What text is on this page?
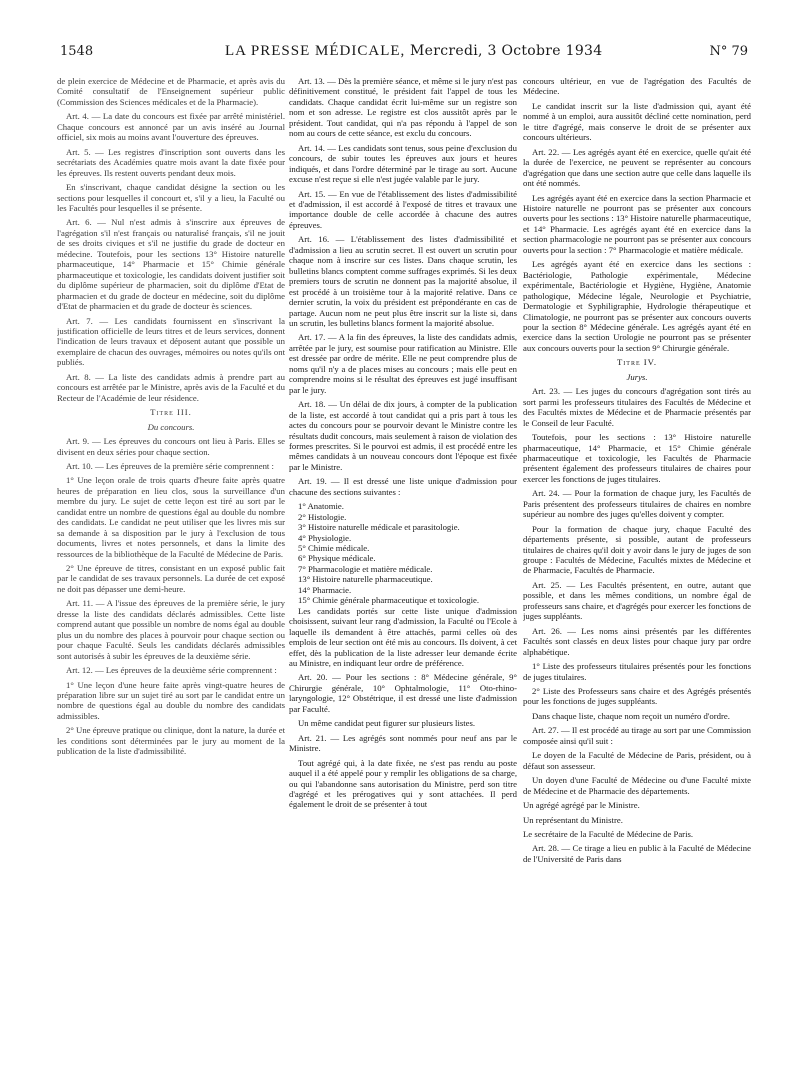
1548	LA PRESSE MÉDICALE, Mercredi, 3 Octobre 1934	N° 79

de plein exercice de Médecine et de Pharmacie, et après avis du Comité consultatif de l'Enseignement supérieur public (Commission des Sciences médicales et de la Pharmacie).

Art. 4. — La date du concours est fixée par arrêté ministériel. Chaque concours est annoncé par un avis inséré au Journal officiel, six mois au moins avant l'ouverture des épreuves.

Art. 5. — Les registres d'inscription sont ouverts dans les secrétariats des Académies quatre mois avant la date fixée pour les épreuves. Ils restent ouverts pendant deux mois.

En s'inscrivant, chaque candidat désigne la section ou les sections pour lesquelles il concourt et, s'il y a lieu, la Faculté ou les Facultés pour lesquelles il se présente.

Art. 6. — Nul n'est admis à s'inscrire aux épreuves de l'agrégation s'il n'est français ou naturalisé français, s'il ne jouit de ses droits civiques et s'il ne justifie du grade de docteur en médecine. Toutefois, pour les sections 13° Histoire naturelle pharmaceutique, 14° Pharmacie et 15° Chimie générale pharmaceutique et toxicologie, les candidats doivent justifier soit du diplôme supérieur de pharmacien, soit du diplôme d'Etat de pharmacien et du grade de docteur en médecine, soit du diplôme d'Etat de pharmacien et du grade de docteur ès sciences.

Art. 7. — Les candidats fournissent en s'inscrivant la justification officielle de leurs titres et de leurs services, donnent l'indication de leurs travaux et déposent autant que possible un exemplaire de chacun des ouvrages, mémoires ou notes qu'ils ont publiés.

Art. 8. — La liste des candidats admis à prendre part au concours est arrêtée par le Ministre, après avis de la Faculté et du Recteur de l'Académie de leur résidence.

Titre III.

Du concours.

Art. 9. — Les épreuves du concours ont lieu à Paris. Elles se divisent en deux séries pour chaque section.

Art. 10. — Les épreuves de la première série comprennent :

1° Une leçon orale de trois quarts d'heure faite après quatre heures de préparation en lieu clos, sous la surveillance d'un membre du jury. Le sujet de cette leçon est tiré au sort par le candidat entre un nombre de questions égal au double du nombre des candidats. Le candidat ne peut utiliser que les livres mis sur sa demande à sa disposition par le jury à l'exclusion de tous documents, livres et notes personnels, et dans la limite des ressources de la bibliothèque de la Faculté de Médecine de Paris.

2° Une épreuve de titres, consistant en un exposé public fait par le candidat de ses travaux personnels. La durée de cet exposé ne doit pas dépasser une demi-heure.

Art. 11. — A l'issue des épreuves de la première série, le jury dresse la liste des candidats déclarés admissibles. Cette liste comprend autant que possible un nombre de noms égal au double plus un du nombre des places à pourvoir pour chaque section ou pour chaque Faculté. Seuls les candidats déclarés admissibles sont autorisés à subir les épreuves de la deuxième série.

Art. 12. — Les épreuves de la deuxième série comprennent :

1° Une leçon d'une heure faite après vingt-quatre heures de préparation libre sur un sujet tiré au sort par le candidat entre un nombre de questions égal au double du nombre des candidats admissibles.

2° Une épreuve pratique ou clinique, dont la nature, la durée et les conditions sont déterminées par le jury au moment de la publication de la liste d'admissibilité.

Art. 13. — Dès la première séance, et même si le jury n'est pas définitivement constitué, le président fait l'appel de tous les candidats. Chaque candidat écrit lui-même sur un registre son nom et son adresse. Le registre est clos aussitôt après par le président. Tout candidat, qui n'a pas répondu à l'appel de son nom au cours de cette séance, est exclu du concours.

Art. 14. — Les candidats sont tenus, sous peine d'exclusion du concours, de subir toutes les épreuves aux jours et heures indiqués, et dans l'ordre déterminé par le tirage au sort. Aucune excuse n'est reçue si elle n'est jugée valable par le jury.

Art. 15. — En vue de l'établissement des listes d'admissibilité et d'admission, il est accordé à l'exposé de titres et travaux une importance double de celle accordée à chacune des autres épreuves.

Art. 16. — L'établissement des listes d'admissibilité et d'admission a lieu au scrutin secret. Il est ouvert un scrutin pour chaque nom à inscrire sur ces listes. Dans chaque scrutin, les bulletins blancs comptent comme suffrages exprimés. Si les deux premiers tours de scrutin ne donnent pas la majorité absolue, il est procédé à un troisième tour à la majorité relative. Dans ce dernier scrutin, la voix du président est prépondérante en cas de partage. Aucun nom ne peut plus être inscrit sur la liste si, dans un scrutin, les bulletins blancs forment la majorité absolue.

Art. 17. — A la fin des épreuves, la liste des candidats admis, arrêtée par le jury, est soumise pour ratification au Ministre. Elle est dressée par ordre de mérite. Elle ne peut comprendre plus de noms qu'il n'y a de places mises au concours ; mais elle peut en comprendre moins si le résultat des épreuves est jugé insuffisant par le jury.

Art. 18. — Un délai de dix jours, à compter de la publication de la liste, est accordé à tout candidat qui a pris part à tous les actes du concours pour se pourvoir devant le Ministre contre les résultats dudit concours, mais seulement à raison de violation des formes prescrites. Si le pourvoi est admis, il est procédé entre les mêmes candidats à un nouveau concours dont l'époque est fixée par le Ministre.

Art. 19. — Il est dressé une liste unique d'admission pour chacune des sections suivantes :

1° Anatomie.

2° Histologie.

3° Histoire naturelle médicale et parasitologie.

4° Physiologie.

5° Chimie médicale.

6° Physique médicale.

7° Pharmacologie et matière médicale.

13° Histoire naturelle pharmaceutique.

14° Pharmacie.

15° Chimie générale pharmaceutique et toxicologie.

Les candidats portés sur cette liste unique d'admission choisissent, suivant leur rang d'admission, la Faculté ou l'Ecole à laquelle ils demandent à être attachés, parmi celles où des emplois de leur section ont été mis au concours. Ils doivent, à cet effet, dès la publication de la liste adresser leur demande écrite au Ministre, en indiquant leur ordre de préférence.

Art. 20. — Pour les sections : 8° Médecine générale, 9° Chirurgie générale, 10° Ophtalmologie, 11° Oto-rhino-laryngologie, 12° Obstétrique, il est dressé une liste d'admission par Faculté.

Un même candidat peut figurer sur plusieurs listes.

Art. 21. — Les agrégés sont nommés pour neuf ans par le Ministre.

Tout agrégé qui, à la date fixée, ne s'est pas rendu au poste auquel il a été appelé pour y remplir les obligations de sa charge, ou qui l'abandonne sans autorisation du Ministre, perd son titre d'agrégé et les prérogatives qui y sont attachées. Il perd également le droit de se présenter à tout

concours ultérieur, en vue de l'agrégation des Facultés de Médecine.

Le candidat inscrit sur la liste d'admission qui, ayant été nommé à un emploi, aura aussitôt décliné cette nomination, perd le titre d'agrégé, mais conserve le droit de se présenter aux concours ultérieurs.

Art. 22. — Les agrégés ayant été en exercice, quelle qu'ait été la durée de l'exercice, ne peuvent se représenter au concours d'agrégation que dans une section autre que celle dans laquelle ils ont été nommés.

Les agrégés ayant été en exercice dans la section Pharmacie et Histoire naturelle ne pourront pas se présenter aux concours ouverts pour les sections : 13° Histoire naturelle pharmaceutique, et 14° Pharmacie. Les agrégés ayant été en exercice dans la section pharmacologie ne pourront pas se présenter aux concours ouverts pour la section : 7° Pharmacologie et matière médicale.

Les agrégés ayant été en exercice dans les sections : Bactériologie, Pathologie expérimentale, Médecine expérimentale, Bactériologie et Hygiène, Hygiène, Anatomie pathologique, Médecine légale, Neurologie et Psychiatrie, Dermatologie et Syphiligraphie, Hydrologie thérapeutique et Climatologie, ne pourront pas se présenter aux concours ouverts pour la section 8° Médecine générale. Les agrégés ayant été en exercice dans la section Urologie ne pourront pas se présenter aux concours ouverts pour la section 9° Chirurgie générale.

Titre IV.

Jurys.

Art. 23. — Les juges du concours d'agrégation sont tirés au sort parmi les professeurs titulaires des Facultés de Médecine et des Facultés mixtes de Médecine et de Pharmacie présentés par le Conseil de leur Faculté.

Toutefois, pour les sections : 13° Histoire naturelle pharmaceutique, 14° Pharmacie, et 15° Chimie générale pharmaceutique et toxicologie, les Facultés de Pharmacie présentent également des professeurs titulaires de chaires pour exercer les fonctions de juges titulaires.

Art. 24. — Pour la formation de chaque jury, les Facultés de Paris présentent des professeurs titulaires de chaires en nombre supérieur au nombre des juges qu'elles doivent y compter.

Pour la formation de chaque jury, chaque Faculté des départements présente, si possible, autant de professeurs titulaires de chaires qu'il doit y avoir dans le jury de juges de son groupe : Facultés de Médecine, Facultés mixtes de Médecine et de Pharmacie, Facultés de Pharmacie.

Art. 25. — Les Facultés présentent, en outre, autant que possible, et dans les mêmes conditions, un nombre égal de professeurs sans chaire, et d'agrégés pour exercer les fonctions de juges suppléants.

Art. 26. — Les noms ainsi présentés par les différentes Facultés sont classés en deux listes pour chaque jury par ordre alphabétique.

1° Liste des professeurs titulaires présentés pour les fonctions de juges titulaires.

2° Liste des Professeurs sans chaire et des Agrégés présentés pour les fonctions de juges suppléants.

Dans chaque liste, chaque nom reçoit un numéro d'ordre.

Art. 27. — Il est procédé au tirage au sort par une Commission composée ainsi qu'il suit :

Le doyen de la Faculté de Médecine de Paris, président, ou à défaut son assesseur.

Un doyen d'une Faculté de Médecine ou d'une Faculté mixte de Médecine et de Pharmacie des départements.

Un agrégé agrégé par le Ministre.

Un représentant du Ministre.

Le secrétaire de la Faculté de Médecine de Paris.

Art. 28. — Ce tirage a lieu en public à la Faculté de Médecine de l'Université de Paris dans
